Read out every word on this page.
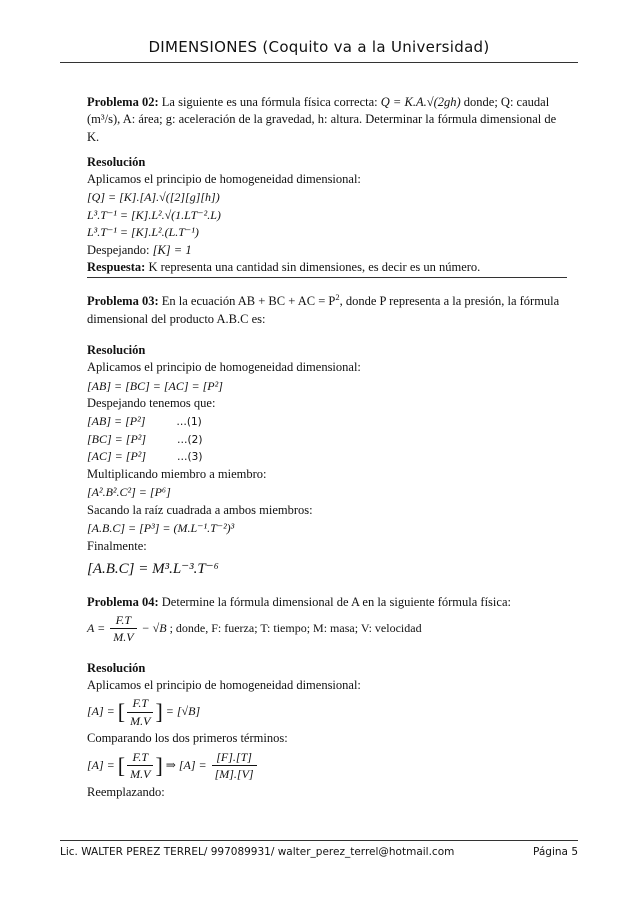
DIMENSIONES (Coquito va a la Universidad)

Problema 02: La siguiente es una fórmula física correcta: Q = K.A.√(2gh) donde; Q: caudal (m³/s), A: área; g: aceleración de la gravedad, h: altura. Determinar la fórmula dimensional de K.

Resolución

Aplicamos el principio de homogeneidad dimensional:

[Q] = [K].[A].√([2][g][h])

L³.T⁻¹ = [K].L².√(1.LT⁻².L)

L³.T⁻¹ = [K].L².(L.T⁻¹)

Despejando: [K] = 1

Respuesta: K representa una cantidad sin dimensiones, es decir es un número.

Problema 03: En la ecuación AB + BC + AC = $P^2$, donde P representa a la presión, la fórmula dimensional del producto A.B.C es:

Resolución

Aplicamos el principio de homogeneidad dimensional:

[AB] = [BC] = [AC] = [P²]

Despejando tenemos que:

[AB] = [P²]	…(1)

[BC] = [P²]	…(2)

[AC] = [P²]	…(3)

Multiplicando miembro a miembro:

[A².B².C²] = [P⁶]

Sacando la raíz cuadrada a ambos miembros:

[A.B.C] = [P³] = (M.L⁻¹.T⁻²)³

Finalmente:

[A.B.C] = M³.L⁻³.T⁻⁶

Problema 04: Determine la fórmula dimensional de A en la siguiente fórmula física:

$A = \frac{F.T}{M.V} - √B$ ; donde, F: fuerza; T: tiempo; M: masa; V: velocidad

Resolución

Aplicamos el principio de homogeneidad dimensional:

[A] = [ $\frac{F.T}{M.V}$ ] = [√B]

Comparando los dos primeros términos:

[A] = [ $\frac{F.T}{M.V}$ ] ⇒ $[A] = \frac{[F].[T]}{[M].[V]}$

Reemplazando:

Lic. WALTER PEREZ TERREL/ 997089931/ walter_perez_terrel@hotmail.com	Página 5
